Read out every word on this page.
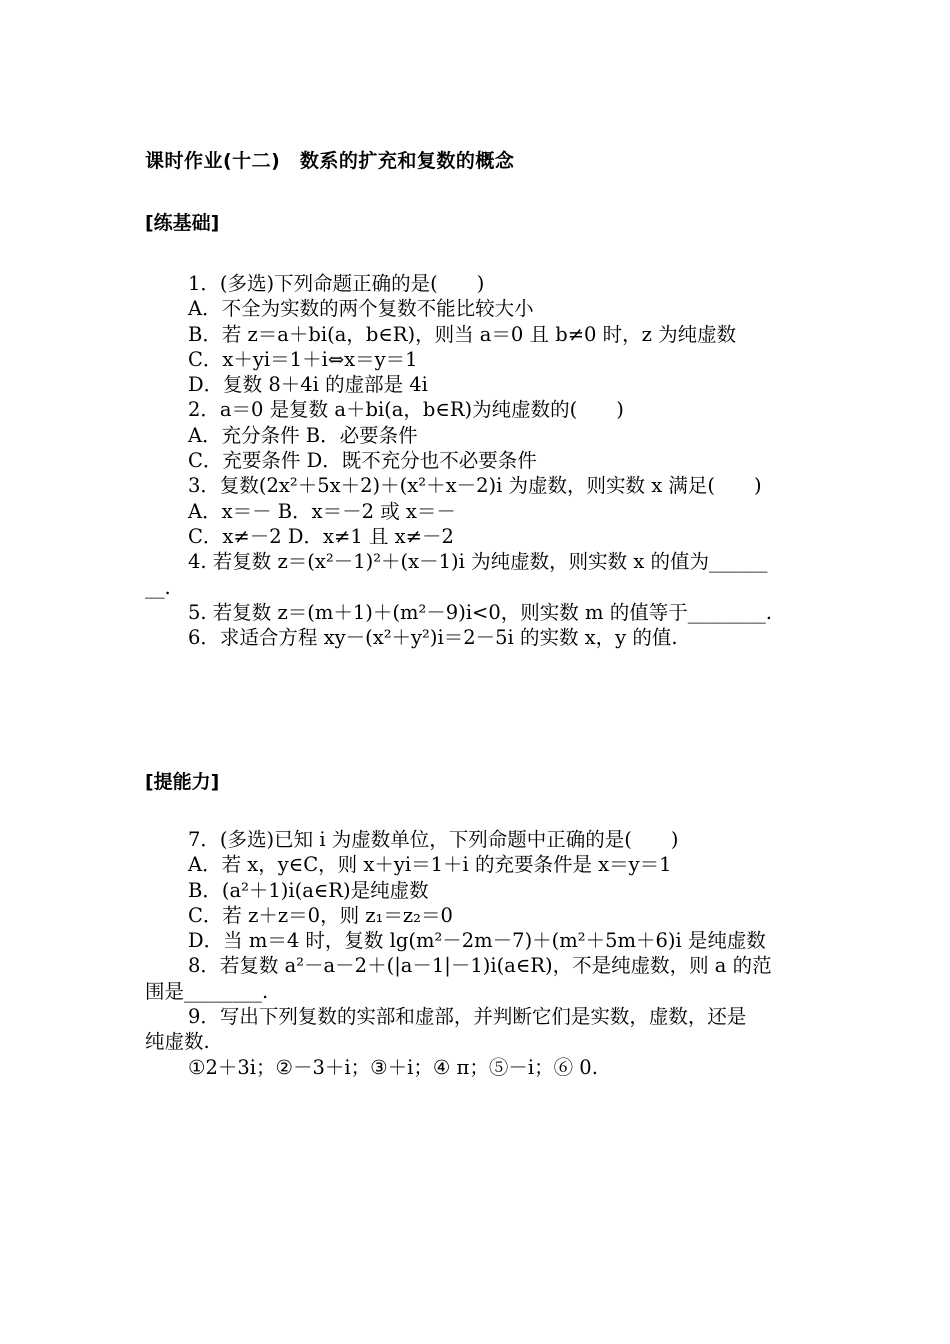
课时作业(十二)　数系的扩充和复数的概念
[练基础]
1．(多选)下列命题正确的是(　　)
A．不全为实数的两个复数不能比较大小
B．若 z＝a＋bi(a，b∈R)，则当 a＝0 且 b≠0 时，z 为纯虚数
C．x＋yi＝1＋i⇔x＝y＝1
D．复数 8＋4i 的虚部是 4i
2．a＝0 是复数 a＋bi(a，b∈R)为纯虚数的(　　)
A．充分条件 B．必要条件
C．充要条件 D．既不充分也不必要条件
3．复数(2x²＋5x＋2)＋(x²＋x－2)i 为虚数，则实数 x 满足(　　)
A．x＝－ B．x＝－2 或 x＝－
C．x≠－2 D．x≠1 且 x≠－2
4. 若复数 z＝(x²－1)²＋(x－1)i 为纯虚数，则实数 x 的值为______
__.
5. 若复数 z＝(m＋1)＋(m²－9)i<0，则实数 m 的值等于________.
6．求适合方程 xy－(x²＋y²)i＝2－5i 的实数 x，y 的值.
[提能力]
7．(多选)已知 i 为虚数单位，下列命题中正确的是(　　)
A．若 x，y∈C，则 x＋yi＝1＋i 的充要条件是 x＝y＝1
B．(a²＋1)i(a∈R)是纯虚数
C．若 z＋z＝0，则 z₁＝z₂＝0
D．当 m＝4 时，复数 lg(m²－2m－7)＋(m²＋5m＋6)i 是纯虚数
8．若复数 a²－a－2＋(|a－1|－1)i(a∈R)，不是纯虚数，则 a 的范
围是________.
9．写出下列复数的实部和虚部，并判断它们是实数，虚数，还是
纯虚数.
①2＋3i；②－3＋i；③＋i；④ π；⑤－i；⑥ 0.
